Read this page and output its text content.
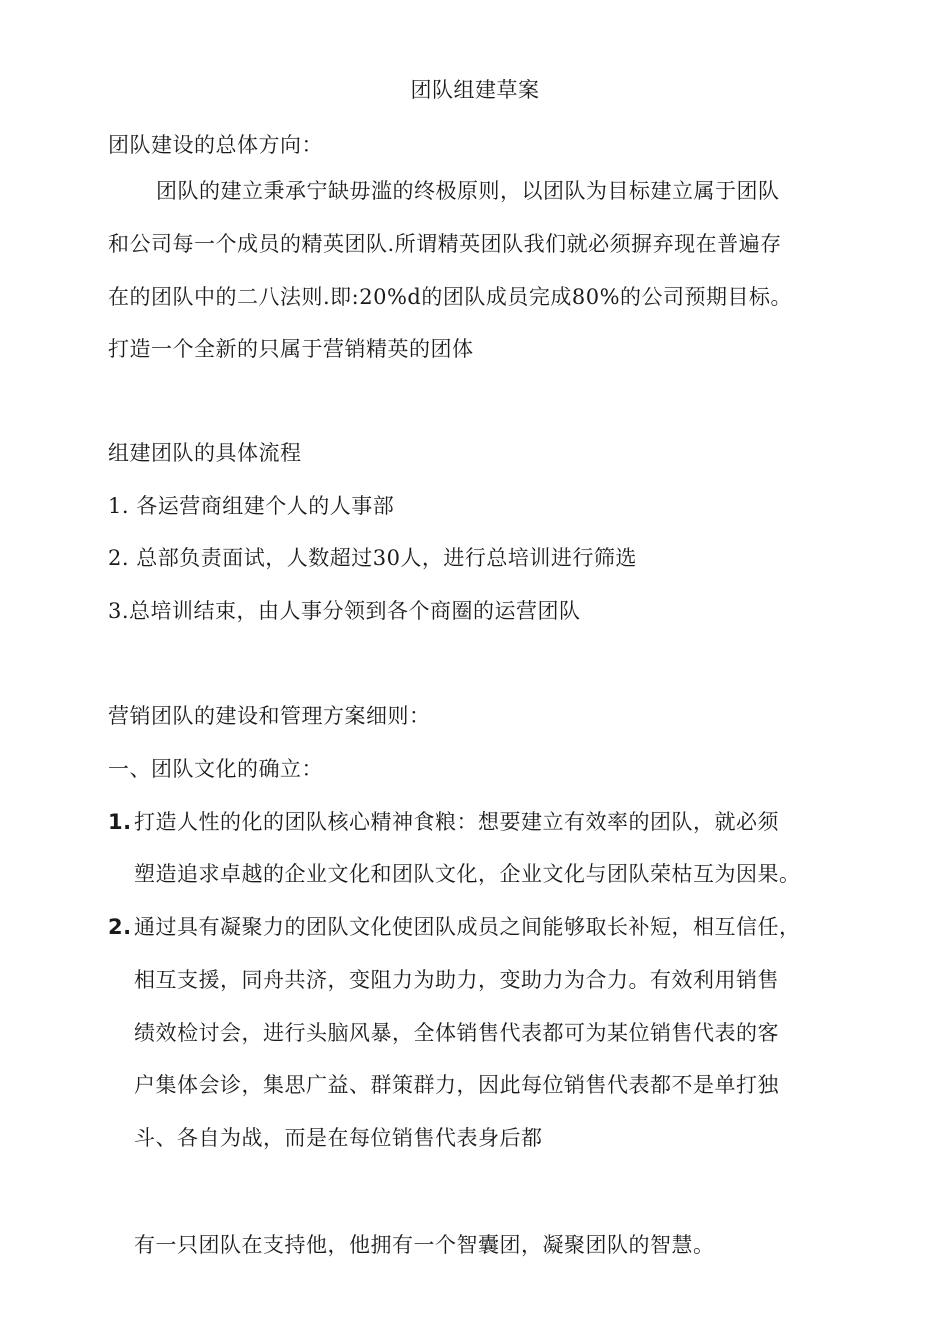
团队组建草案
团队建设的总体方向：
团队的建立秉承宁缺毋滥的终极原则，以团队为目标建立属于团队
和公司每一个成员的精英团队.所谓精英团队我们就必须摒弃现在普遍存
在的团队中的二八法则.即:20%d的团队成员完成80%的公司预期目标。
打造一个全新的只属于营销精英的团体
组建团队的具体流程
1. 各运营商组建个人的人事部
2. 总部负责面试，人数超过30人，进行总培训进行筛选
3.总培训结束，由人事分领到各个商圈的运营团队
营销团队的建设和管理方案细则：
一、团队文化的确立：
1. 打造人性的化的团队核心精神食粮：想要建立有效率的团队，就必须
塑造追求卓越的企业文化和团队文化，企业文化与团队荣枯互为因果。
2. 通过具有凝聚力的团队文化使团队成员之间能够取长补短，相互信任，
相互支援，同舟共济，变阻力为助力，变助力为合力。有效利用销售
绩效检讨会，进行头脑风暴，全体销售代表都可为某位销售代表的客
户集体会诊，集思广益、群策群力，因此每位销售代表都不是单打独
斗、各自为战，而是在每位销售代表身后都
有一只团队在支持他，他拥有一个智囊团，凝聚团队的智慧。
